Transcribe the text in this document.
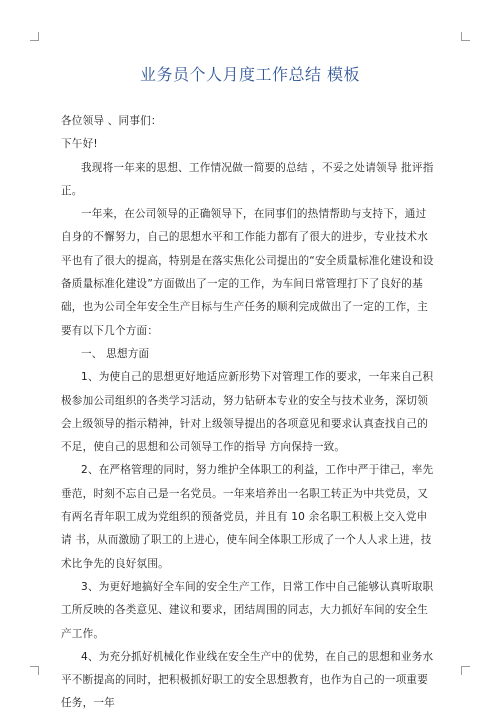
业务员个人月度工作总结 模板

各位领导 、同事们：

下午好!

我现将一年来的思想、工作情况做一简要的总结 ，不妥之处请领导 批评指正。

一年来，在公司领导的正确领导下，在同事们的热情帮助与支持下，通过自身的不懈努力，自己的思想水平和工作能力都有了很大的进步，专业技术水平也有了很大的提高，特别是在落实焦化公司提出的“安全质量标准化建设和设备质量标准化建设”方面做出了一定的工作，为车间日常管理打下了良好的基础，也为公司全年安全生产目标与生产任务的顺利完成做出了一定的工作，主要有以下几个方面：

一、 思想方面

1、为使自己的思想更好地适应新形势下对管理工作的要求，一年来自己积极参加公司组织的各类学习活动，努力钻研本专业的安全与技术业务，深切领会上级领导的指示精神，针对上级领导提出的各项意见和要求认真查找自己的不足，使自己的思想和公司领导工作的指导 方向保持一致。

2、在严格管理的同时，努力维护全体职工的利益，工作中严于律己，率先垂范，时刻不忘自己是一名党员。一年来培养出一名职工转正为中共党员，又有两名青年职工成为党组织的预备党员，并且有 10 余名职工积极上交入党申请 书，从而激励了职工的上进心，使车间全体职工形成了一个人人求上进，技术比争先的良好氛围。

3、为更好地搞好全车间的安全生产工作，日常工作中自己能够认真听取职工所反映的各类意见、建议和要求，团结周围的同志，大力抓好车间的安全生产工作。

4、为充分抓好机械化作业线在安全生产中的优势，在自己的思想和业务水平不断提高的同时，把积极抓好职工的安全思想教育，也作为自己的一项重要任务，一年
